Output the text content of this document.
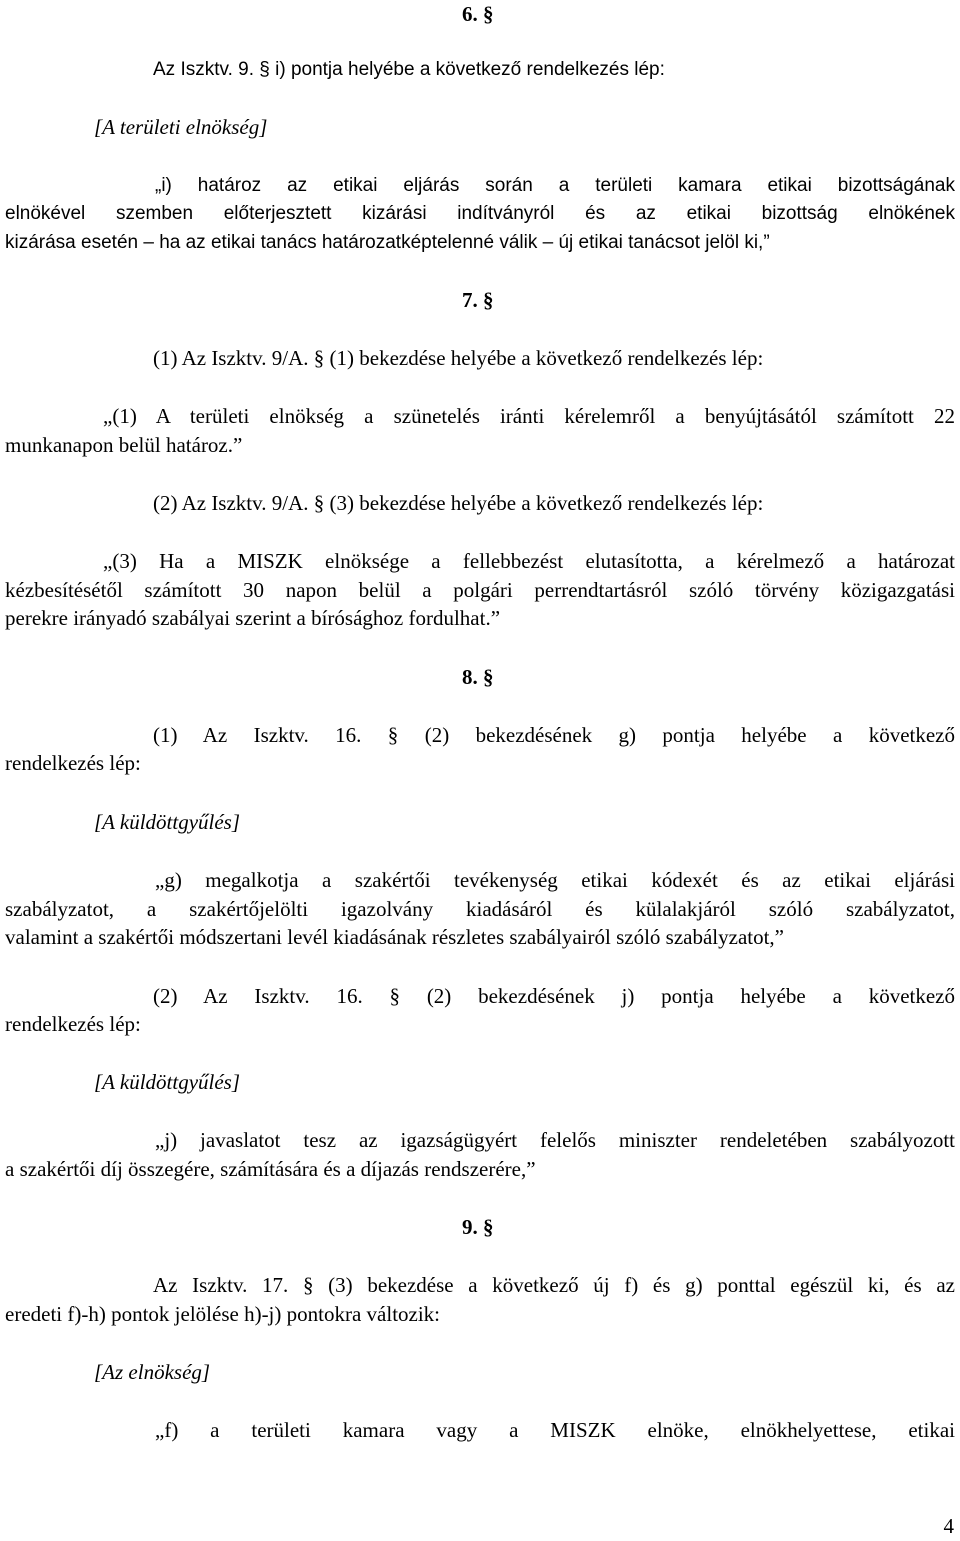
6. §
Az Iszktv. 9. § i) pontja helyébe a következő rendelkezés lép:
[A területi elnökség]
„i) határoz az etikai eljárás során a területi kamara etikai bizottságának
elnökével szemben előterjesztett kizárási indítványról és az etikai bizottság elnökének
kizárása esetén – ha az etikai tanács határozatképtelenné válik – új etikai tanácsot jelöl ki,”
7. §
(1) Az Iszktv. 9/A. § (1) bekezdése helyébe a következő rendelkezés lép:
„(1) A területi elnökség a szünetelés iránti kérelemről a benyújtásától számított 22
munkanapon belül határoz.”
(2) Az Iszktv. 9/A. § (3) bekezdése helyébe a következő rendelkezés lép:
„(3) Ha a MISZK elnöksége a fellebbezést elutasította, a kérelmező a határozat
kézbesítésétől számított 30 napon belül a polgári perrendtartásról szóló törvény közigazgatási
perekre irányadó szabályai szerint a bírósághoz fordulhat.”
8. §
(1) Az Iszktv. 16. § (2) bekezdésének g) pontja helyébe a következő
rendelkezés lép:
[A küldöttgyűlés]
„g) megalkotja a szakértői tevékenység etikai kódexét és az etikai eljárási
szabályzatot, a szakértőjelölti igazolvány kiadásáról és külalakjáról szóló szabályzatot,
valamint a szakértői módszertani levél kiadásának részletes szabályairól szóló szabályzatot,”
(2) Az Iszktv. 16. § (2) bekezdésének j) pontja helyébe a következő
rendelkezés lép:
[A küldöttgyűlés]
„j) javaslatot tesz az igazságügyért felelős miniszter rendeletében szabályozott
a szakértői díj összegére, számítására és a díjazás rendszerére,”
9. §
Az Iszktv. 17. § (3) bekezdése a következő új f) és g) ponttal egészül ki, és az
eredeti f)-h) pontok jelölése h)-j) pontokra változik:
[Az elnökség]
„f) a területi kamara vagy a MISZK elnöke, elnökhelyettese, etikai
4
